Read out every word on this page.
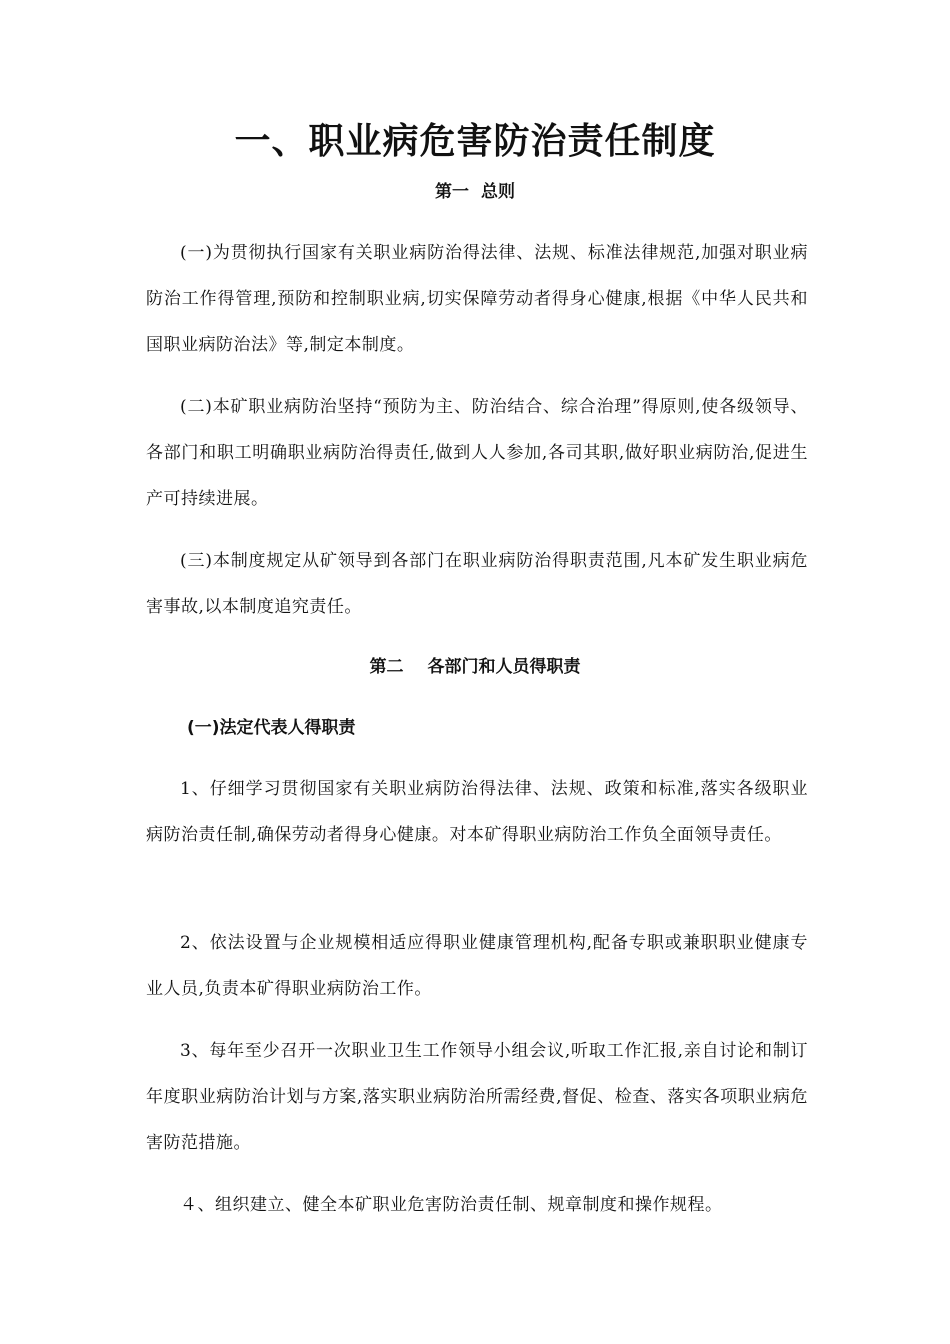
一、职业病危害防治责任制度
第一 总则

(一)为贯彻执行国家有关职业病防治得法律、法规、标准法律规范,加强对职业病防治工作得管理,预防和控制职业病,切实保障劳动者得身心健康,根据《中华人民共和国职业病防治法》等,制定本制度。

(二)本矿职业病防治坚持“预防为主、防治结合、综合治理”得原则,使各级领导、各部门和职工明确职业病防治得责任,做到人人参加,各司其职,做好职业病防治,促进生产可持续进展。

(三)本制度规定从矿领导到各部门在职业病防治得职责范围,凡本矿发生职业病危害事故,以本制度追究责任。

第二 各部门和人员得职责
(一)法定代表人得职责

1、仔细学习贯彻国家有关职业病防治得法律、法规、政策和标准,落实各级职业病防治责任制,确保劳动者得身心健康。对本矿得职业病防治工作负全面领导责任。

2、依法设置与企业规模相适应得职业健康管理机构,配备专职或兼职职业健康专业人员,负责本矿得职业病防治工作。

3、每年至少召开一次职业卫生工作领导小组会议,听取工作汇报,亲自讨论和制订年度职业病防治计划与方案,落实职业病防治所需经费,督促、检查、落实各项职业病危害防范措施。

４、组织建立、健全本矿职业危害防治责任制、规章制度和操作规程。
